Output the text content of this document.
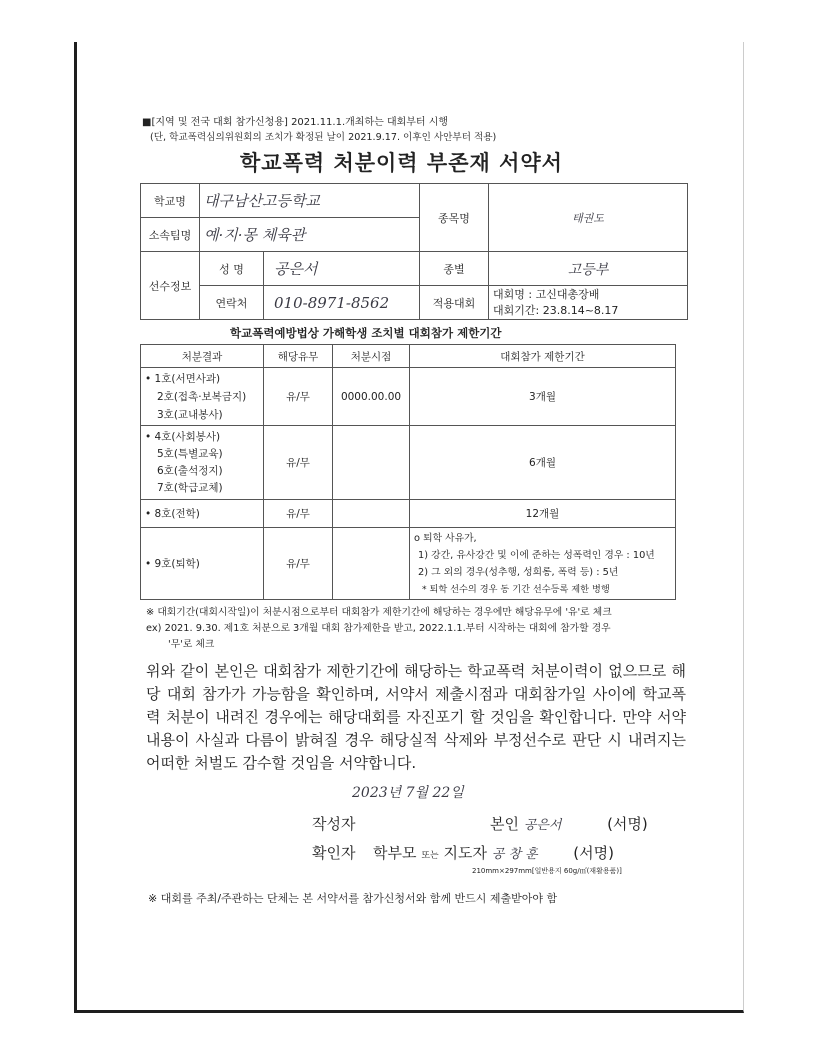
■[지역 및 전국 대회 참가신청용] 2021.11.1.개최하는 대회부터 시행
(단, 학교폭력심의위원회의 조치가 확정된 날이 2021.9.17. 이후인 사안부터 적용)
학교폭력 처분이력 부존재 서약서
학교명	대구남산고등학교		종목명	태권도
소속팀명	예·지·몽 체육관			
선수정보	성 명	공은서	종별	고등부
	연락처	010-8971-8562	적용대회	대회명 : 고신대총장배
대회기간: 23.8.14~8.17
학교폭력예방법상 가해학생 조치별 대회참가 제한기간
처분결과	해당유무	처분시점	대회참가 제한기간

• 1호(서면사과)
2호(접촉·보복금지)
3호(교내봉사)	유/무	0000.00.00	3개월

• 4호(사회봉사)
5호(특별교육)
6호(출석정지)
7호(학급교체)	유/무		6개월
• 8호(전학)	유/무		12개월
• 9호(퇴학)	유/무		o 퇴학 사유가,
1) 강간, 유사강간 및 이에 준하는 성폭력인 경우 : 10년
2) 그 외의 경우(성추행, 성희롱, 폭력 등) : 5년
* 퇴학 선수의 경우 동 기간 선수등록 제한 병행
※ 대회기간(대회시작일)이 처분시점으로부터 대회참가 제한기간에 해당하는 경우에만 해당유무에 '유'로 체크
ex) 2021. 9.30. 제1호 처분으로 3개월 대회 참가제한을 받고, 2022.1.1.부터 시작하는 대회에 참가할 경우
'무'로 체크
위와 같이 본인은 대회참가 제한기간에 해당하는 학교폭력 처분이력이 없으므로 해당 대회 참가가 가능함을 확인하며, 서약서 제출시점과 대회참가일 사이에 학교폭력 처분이 내려진 경우에는 해당대회를 자진포기 할 것임을 확인합니다. 만약 서약내용이 사실과 다름이 밝혀질 경우 해당실적 삭제와 부정선수로 판단 시 내려지는 어떠한 처벌도 감수할 것임을 서약합니다.
2023년 7월 22일
작성자	본인 공은서	(서명)
확인자 학부모 또는 지도자 공 창 훈 (서명)
210mm×297mm[일반용지 60g/㎡(재활용품)]
※ 대회를 주최/주관하는 단체는 본 서약서를 참가신청서와 함께 반드시 제출받아야 함
